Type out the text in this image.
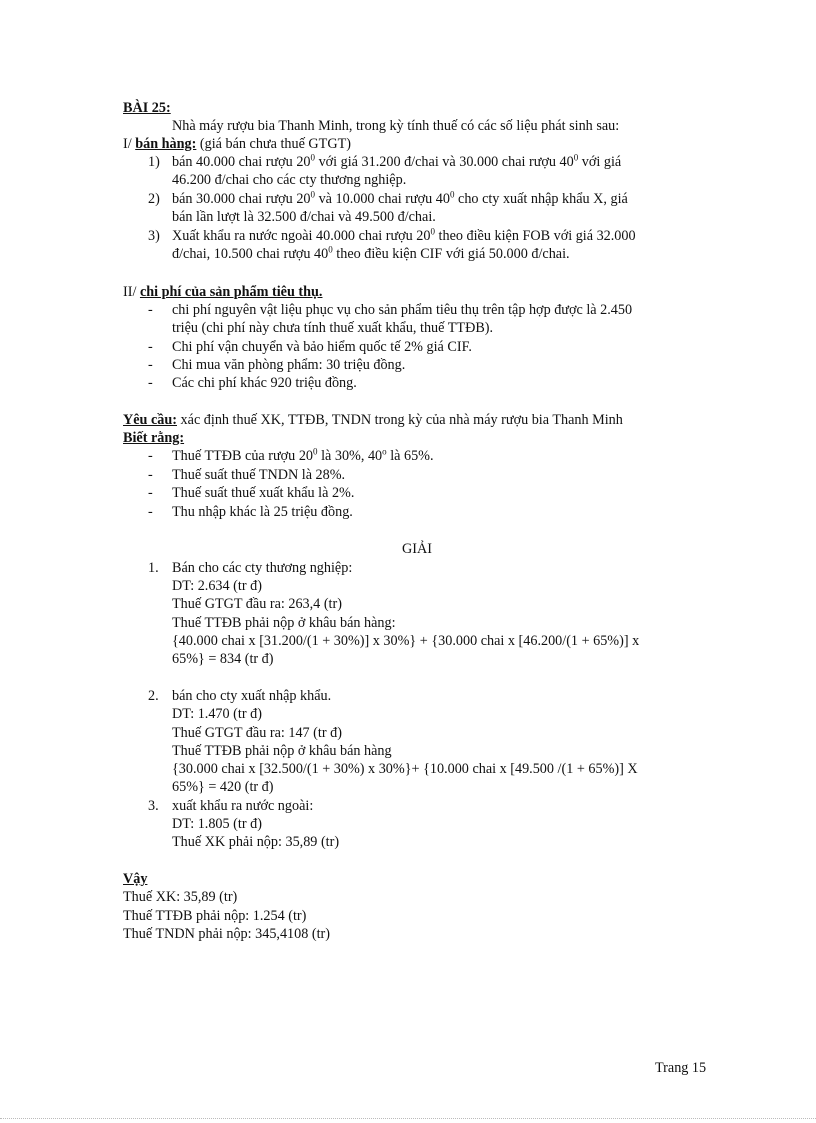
BÀI 25:
Nhà máy rượu bia Thanh Minh, trong kỳ tính thuế có các số liệu phát sinh sau:
I/ bán hàng: (giá bán chưa thuế GTGT)
1) bán 40.000 chai rượu $20^0$ với giá 31.200 đ/chai và 30.000 chai rượu $40^0$ với giá
46.200 đ/chai cho các cty thương nghiệp.
2) bán 30.000 chai rượu $20^0$ và 10.000 chai rượu $40^0$ cho cty xuất nhập khẩu X, giá
bán lần lượt là 32.500 đ/chai và 49.500 đ/chai.
3) Xuất khẩu ra nước ngoài 40.000 chai rượu $20^0$ theo điều kiện FOB với giá 32.000
đ/chai, 10.500 chai rượu $40^0$ theo điều kiện CIF với giá 50.000 đ/chai.
II/ chi phí của sản phẩm tiêu thụ.
- chi phí nguyên vật liệu phục vụ cho sản phẩm tiêu thụ trên tập hợp được là 2.450
triệu (chi phí này chưa tính thuế xuất khẩu, thuế TTĐB).
- Chi phí vận chuyển và bảo hiểm quốc tế 2% giá CIF.
- Chi mua văn phòng phẩm: 30 triệu đồng.
- Các chi phí khác 920 triệu đồng.
Yêu cầu: xác định thuế XK, TTĐB, TNDN trong kỳ của nhà máy rượu bia Thanh Minh
Biết rằng:
- Thuế TTĐB của rượu $20^0$ là 30%, 40$^o$ là 65%.
- Thuế suất thuế TNDN là 28%.
- Thuế suất thuế xuất khẩu là 2%.
- Thu nhập khác là 25 triệu đồng.
GIẢI
1. Bán cho các cty thương nghiệp:
DT: 2.634 (tr đ)
Thuế GTGT đầu ra: 263,4 (tr)
Thuế TTĐB phải nộp ở khâu bán hàng:
{40.000 chai x [31.200/(1 + 30%)] x 30%} + {30.000 chai x [46.200/(1 + 65%)] x
65%} = 834 (tr đ)
2. bán cho cty xuất nhập khẩu.
DT: 1.470 (tr đ)
Thuế GTGT đầu ra: 147 (tr đ)
Thuế TTĐB phải nộp ở khâu bán hàng
{30.000 chai x [32.500/(1 + 30%) x 30%}+ {10.000 chai x [49.500 /(1 + 65%)] X
65%} = 420 (tr đ)
3. xuất khẩu ra nước ngoài:
DT: 1.805 (tr đ)
Thuế XK phải nộp: 35,89 (tr)
Vậy
Thuế XK: 35,89 (tr)
Thuế TTĐB phải nộp: 1.254 (tr)
Thuế TNDN phải nộp: 345,4108 (tr)
Trang 15
